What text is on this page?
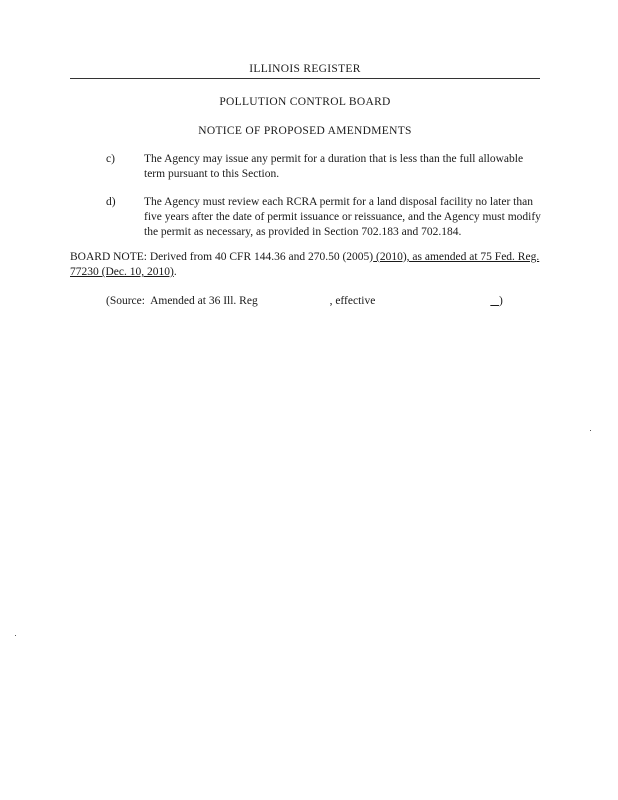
ILLINOIS REGISTER
POLLUTION CONTROL BOARD
NOTICE OF PROPOSED AMENDMENTS
c)	The Agency may issue any permit for a duration that is less than the full allowable term pursuant to this Section.
d) The Agency must review each RCRA permit for a land disposal facility no later than five years after the date of permit issuance or reissuance, and the Agency must modify the permit as necessary, as provided in Section 702.183 and 702.184.
BOARD NOTE: Derived from 40 CFR 144.36 and 270.50 (2005) (2010), as amended at 75 Fed. Reg. 77230 (Dec. 10, 2010).
(Source:  Amended at 36 Ill. Reg	, effective	)
